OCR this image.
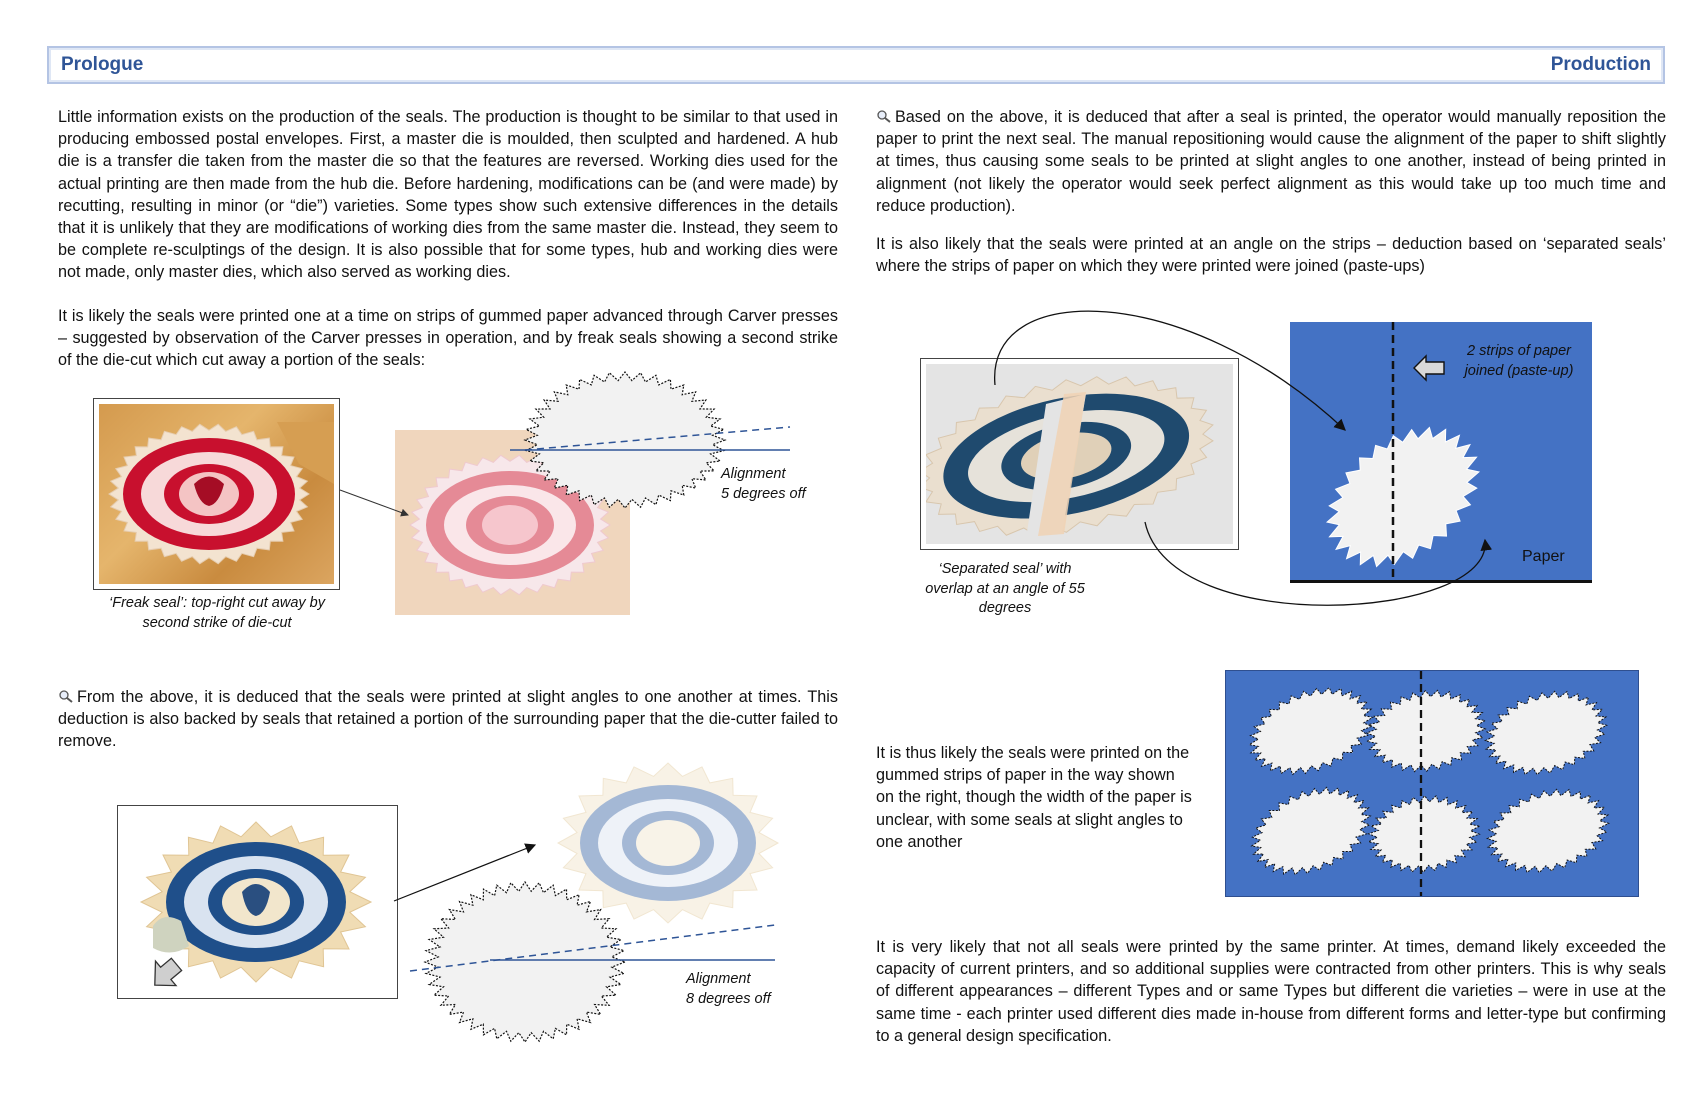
Prologue	Production

Little information exists on the production of the seals. The production is thought to be similar to that used in producing embossed postal envelopes. First, a master die is moulded, then sculpted and hardened. A hub die is a transfer die taken from the master die so that the features are reversed. Working dies used for the actual printing are then made from the hub die. Before hardening, modifications can be (and were made) by recutting, resulting in minor (or “die”) varieties. Some types show such extensive differences in the details that it is unlikely that they are modifications of working dies from the same master die. Instead, they seem to be complete re-sculptings of the design. It is also possible that for some types, hub and working dies were not made, only master dies, which also served as working dies.

It is likely the seals were printed one at a time on strips of gummed paper advanced through Carver presses – suggested by observation of the Carver presses in operation, and by freak seals showing a second strike of the die-cut which cut away a portion of the seals:

‘Freak seal’: top-right cut away by second strike of die-cut
Alignment
5 degrees off

From the above, it is deduced that the seals were printed at slight angles to one another at times. This deduction is also backed by seals that retained a portion of the surrounding paper that the die-cutter failed to remove.

Alignment
8 degrees off

Based on the above, it is deduced that after a seal is printed, the operator would manually reposition the paper to print the next seal. The manual repositioning would cause the alignment of the paper to shift slightly at times, thus causing some seals to be printed at slight angles to one another, instead of being printed in alignment (not likely the operator would seek perfect alignment as this would take up too much time and reduce production).

It is also likely that the seals were printed at an angle on the strips – deduction based on ‘separated seals’ where the strips of paper on which they were printed were joined (paste-ups)

‘Separated seal’ with overlap at an angle of 55 degrees
2 strips of paper joined (paste-up)
Paper

It is thus likely the seals were printed on the gummed strips of paper in the way shown on the right, though the width of the paper is unclear, with some seals at slight angles to one another

It is very likely that not all seals were printed by the same printer. At times, demand likely exceeded the capacity of current printers, and so additional supplies were contracted from other printers. This is why seals of different appearances – different Types and or same Types but different die varieties – were in use at the same time - each printer used different dies made in-house from different forms and letter-type but confirming to a general design specification.
